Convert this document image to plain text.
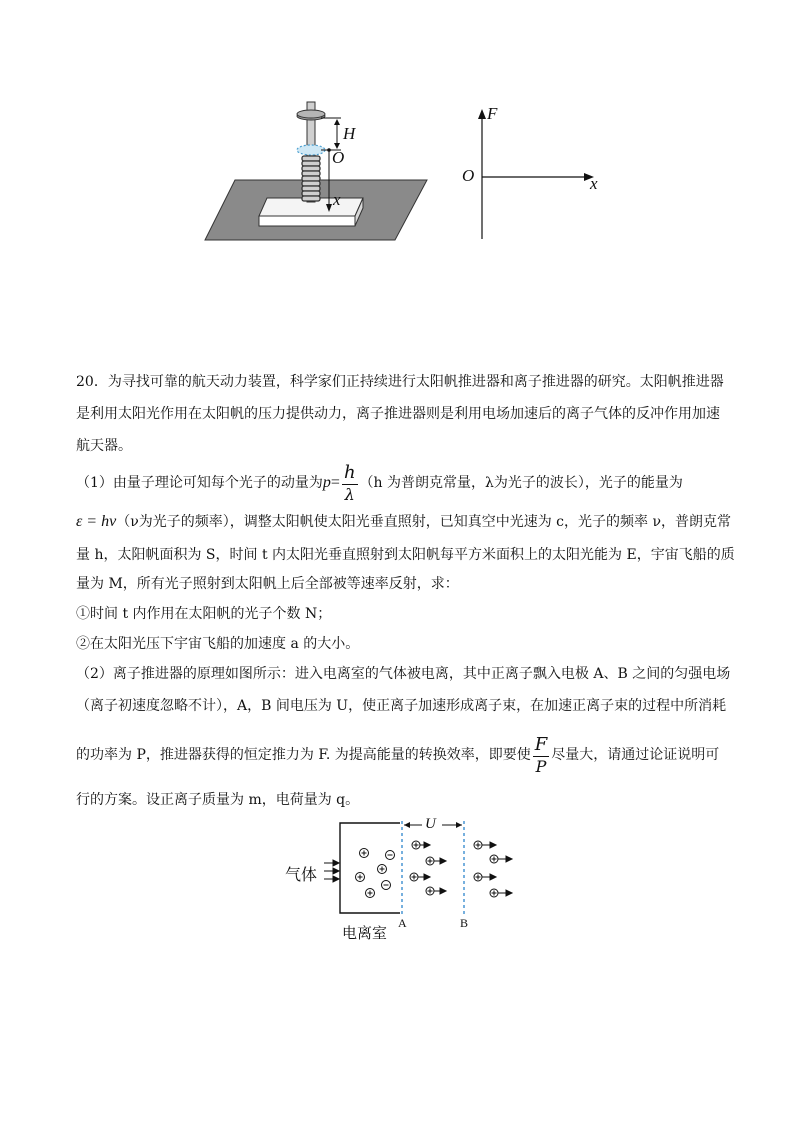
H
O
x
F
O	x
20．为寻找可靠的航天动力装置，科学家们正持续进行太阳帆推进器和离子推进器的研究。太阳帆推进器
是利用太阳光作用在太阳帆的压力提供动力，离子推进器则是利用电场加速后的离子气体的反冲作用加速
航天器。
（1）由量子理论可知每个光子的动量为$p= \frac{h}{\lambda} (h$ 为普朗克常量，λ为光子的波长），光子的能量为
ε = hν（ν为光子的频率），调整太阳帆使太阳光垂直照射，已知真空中光速为 c，光子的频率 ν，普朗克常
量 h，太阳帆面积为 S，时间 t 内太阳光垂直照射到太阳帆每平方米面积上的太阳光能为 E，宇宙飞船的质
量为 M，所有光子照射到太阳帆上后全部被等速率反射，求：
①时间 t 内作用在太阳帆的光子个数 N；
②在太阳光压下宇宙飞船的加速度 a 的大小。
（2）离子推进器的原理如图所示：进入电离室的气体被电离，其中正离子飘入电极 A、B 之间的匀强电场
（离子初速度忽略不计），A，B 间电压为 U，使正离子加速形成离子束，在加速正离子束的过程中所消耗
的功率为 P，推进器获得的恒定推力为 F. 为提高能量的转换效率，即要使 $\frac{F}{P}$ 尽量大，请通过论证说明可
行的方案。设正离子质量为 m，电荷量为 q。
气体
U
电离室
A	B
